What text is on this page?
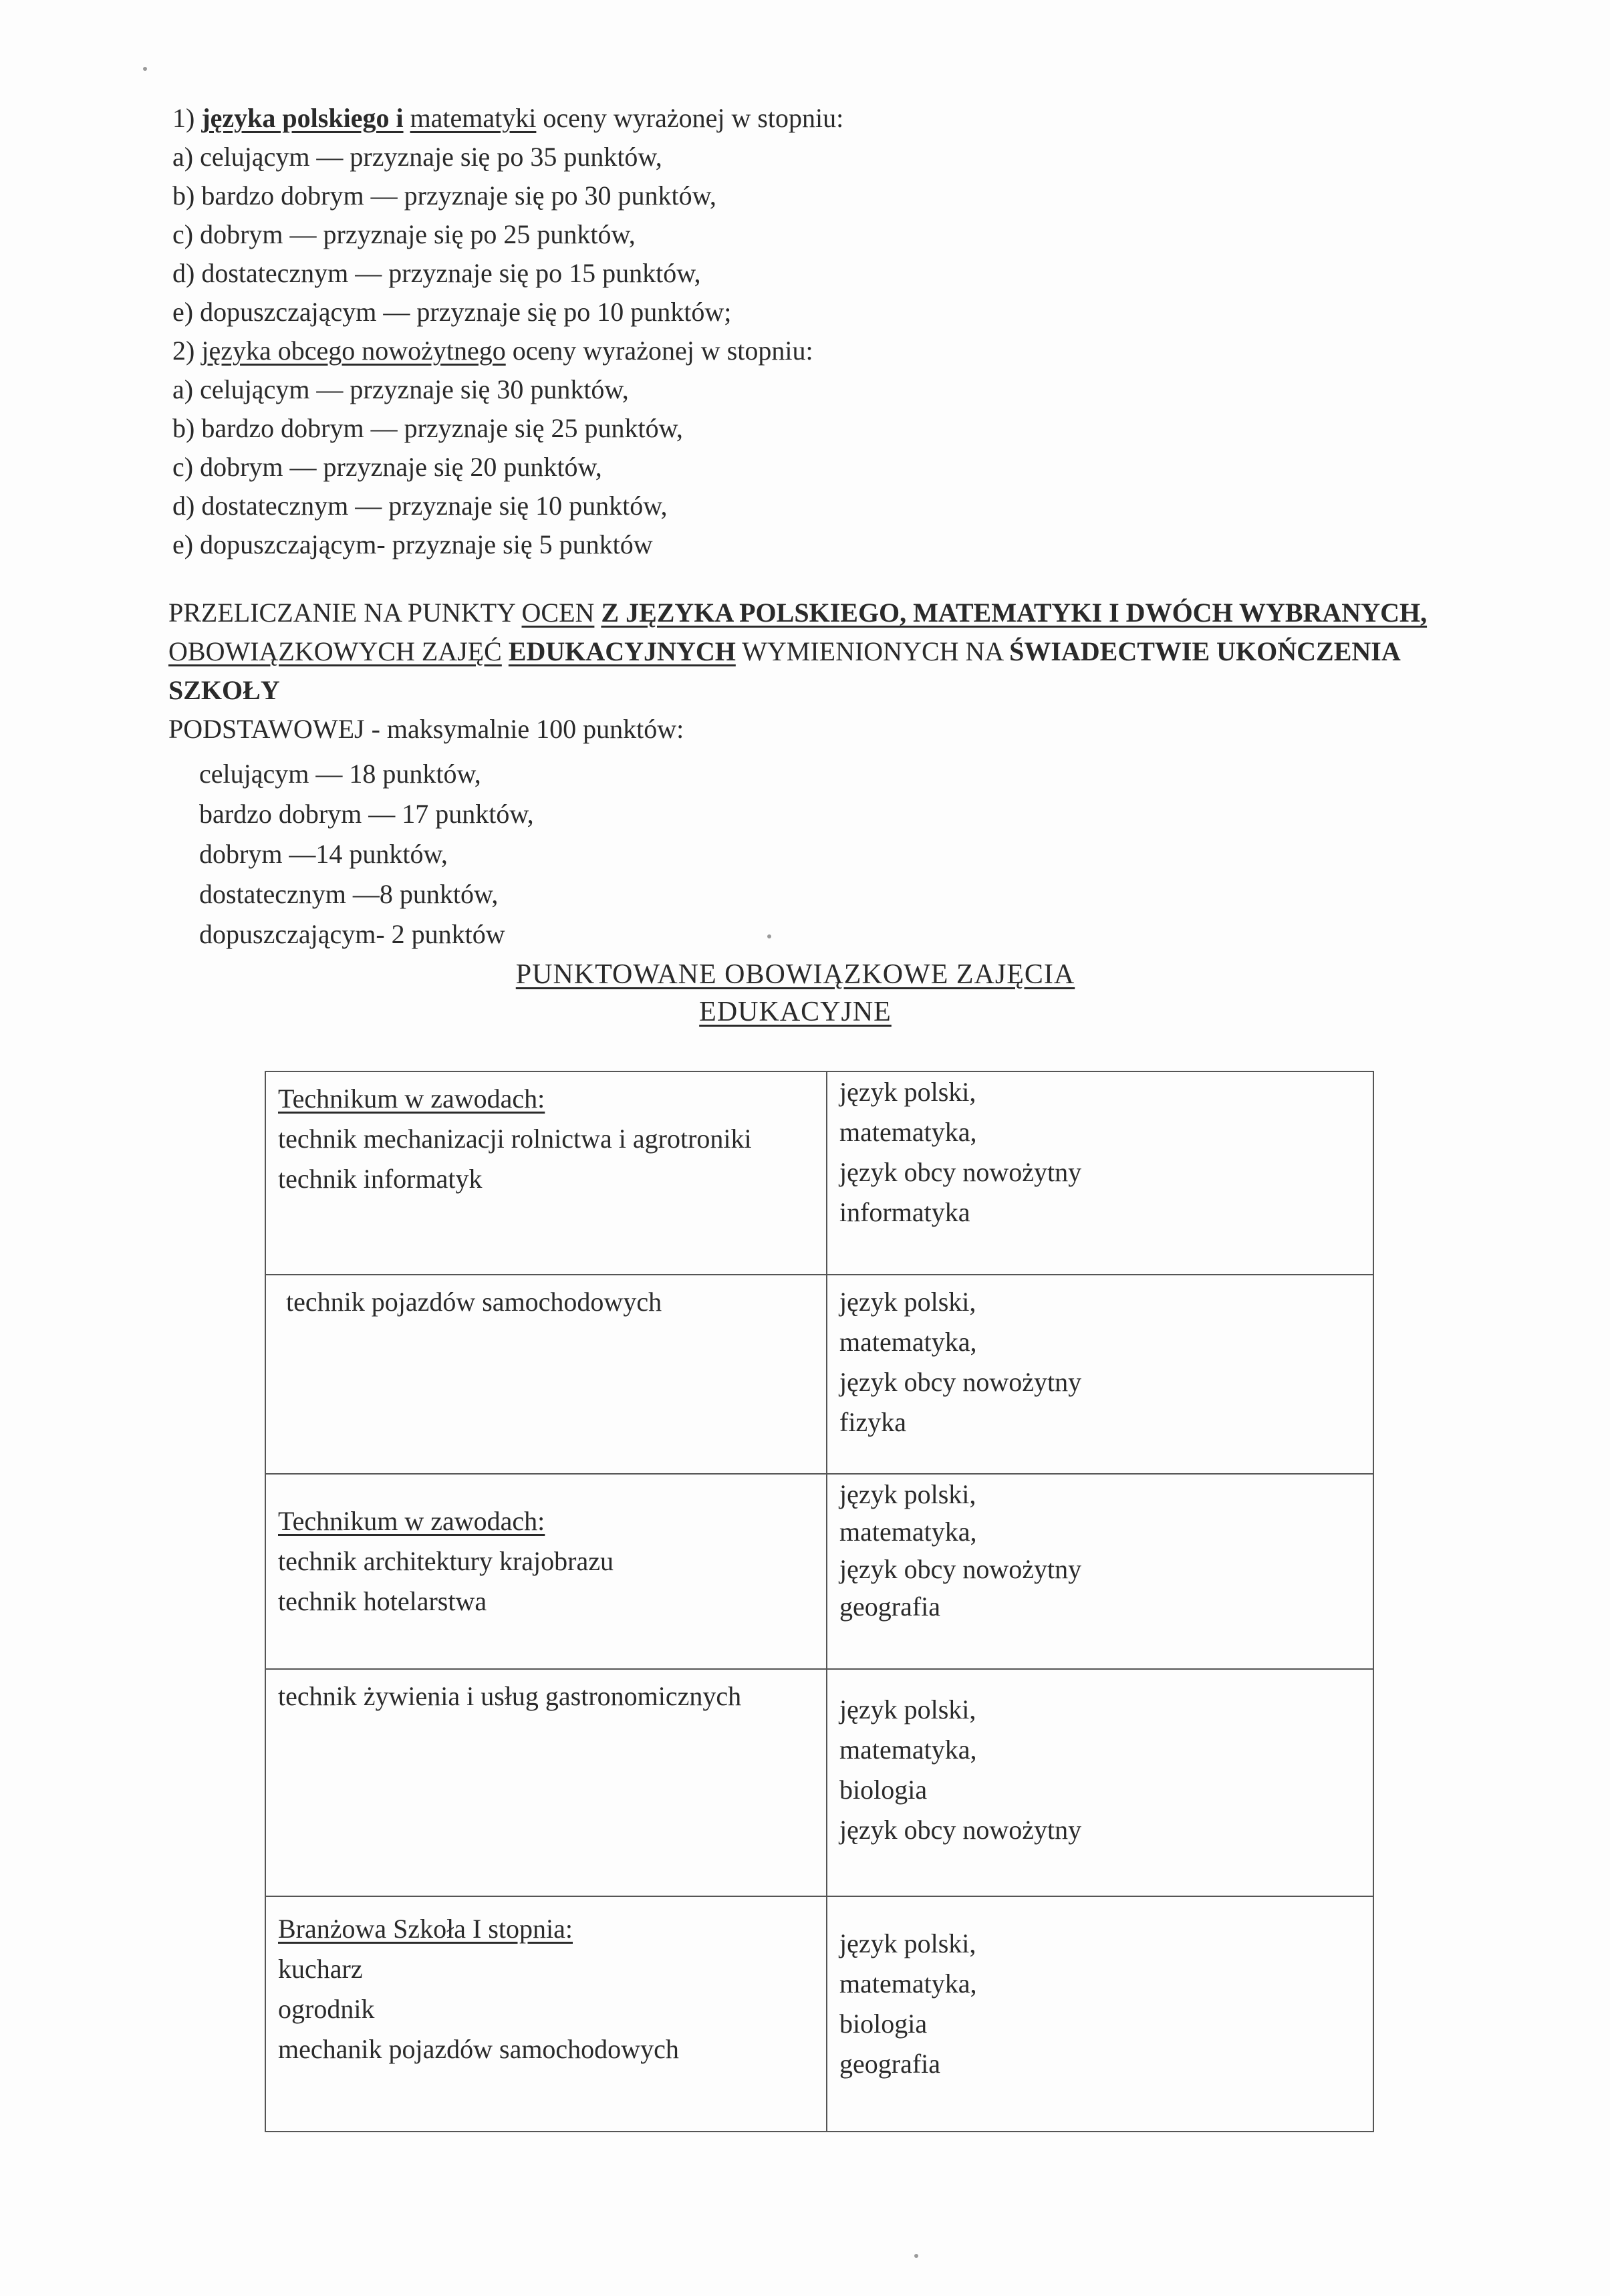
1) języka polskiego i matematyki oceny wyrażonej w stopniu:
a) celującym — przyznaje się po 35 punktów,
b) bardzo dobrym — przyznaje się po 30 punktów,
c) dobrym — przyznaje się po 25 punktów,
d) dostatecznym — przyznaje się po 15 punktów,
e) dopuszczającym — przyznaje się po 10 punktów;
2) języka obcego nowożytnego oceny wyrażonej w stopniu:
a) celującym — przyznaje się 30 punktów,
b) bardzo dobrym — przyznaje się 25 punktów,
c) dobrym — przyznaje się 20 punktów,
d) dostatecznym — przyznaje się 10 punktów,
e) dopuszczającym- przyznaje się 5 punktów
PRZELICZANIE NA PUNKTY OCEN Z JĘZYKA POLSKIEGO, MATEMATYKI I DWÓCH WYBRANYCH,
OBOWIĄZKOWYCH ZAJĘĆ EDUKACYJNYCH WYMIENIONYCH NA ŚWIADECTWIE UKOŃCZENIA
SZKOŁY
PODSTAWOWEJ - maksymalnie 100 punktów:
celującym — 18 punktów,
bardzo dobrym — 17 punktów,
dobrym —14 punktów,
dostatecznym —8 punktów,
dopuszczającym- 2 punktów
PUNKTOWANE OBOWIĄZKOWE ZAJĘCIA
EDUKACYJNE
Technikum w zawodach:
technik mechanizacji rolnictwa i agrotroniki
technik informatyk	język polski,
matematyka,
język obcy nowożytny
informatyka

technik pojazdów samochodowych	język polski,
matematyka,
język obcy nowożytny
fizyka

Technikum w zawodach:
technik architektury krajobrazu
technik hotelarstwa	język polski,
matematyka,
język obcy nowożytny
geografia

technik żywienia i usług gastronomicznych	język polski,
matematyka,
biologia
język obcy nowożytny

Branżowa Szkoła I stopnia:
kucharz
ogrodnik
mechanik pojazdów samochodowych	język polski,
matematyka,
biologia
geografia
